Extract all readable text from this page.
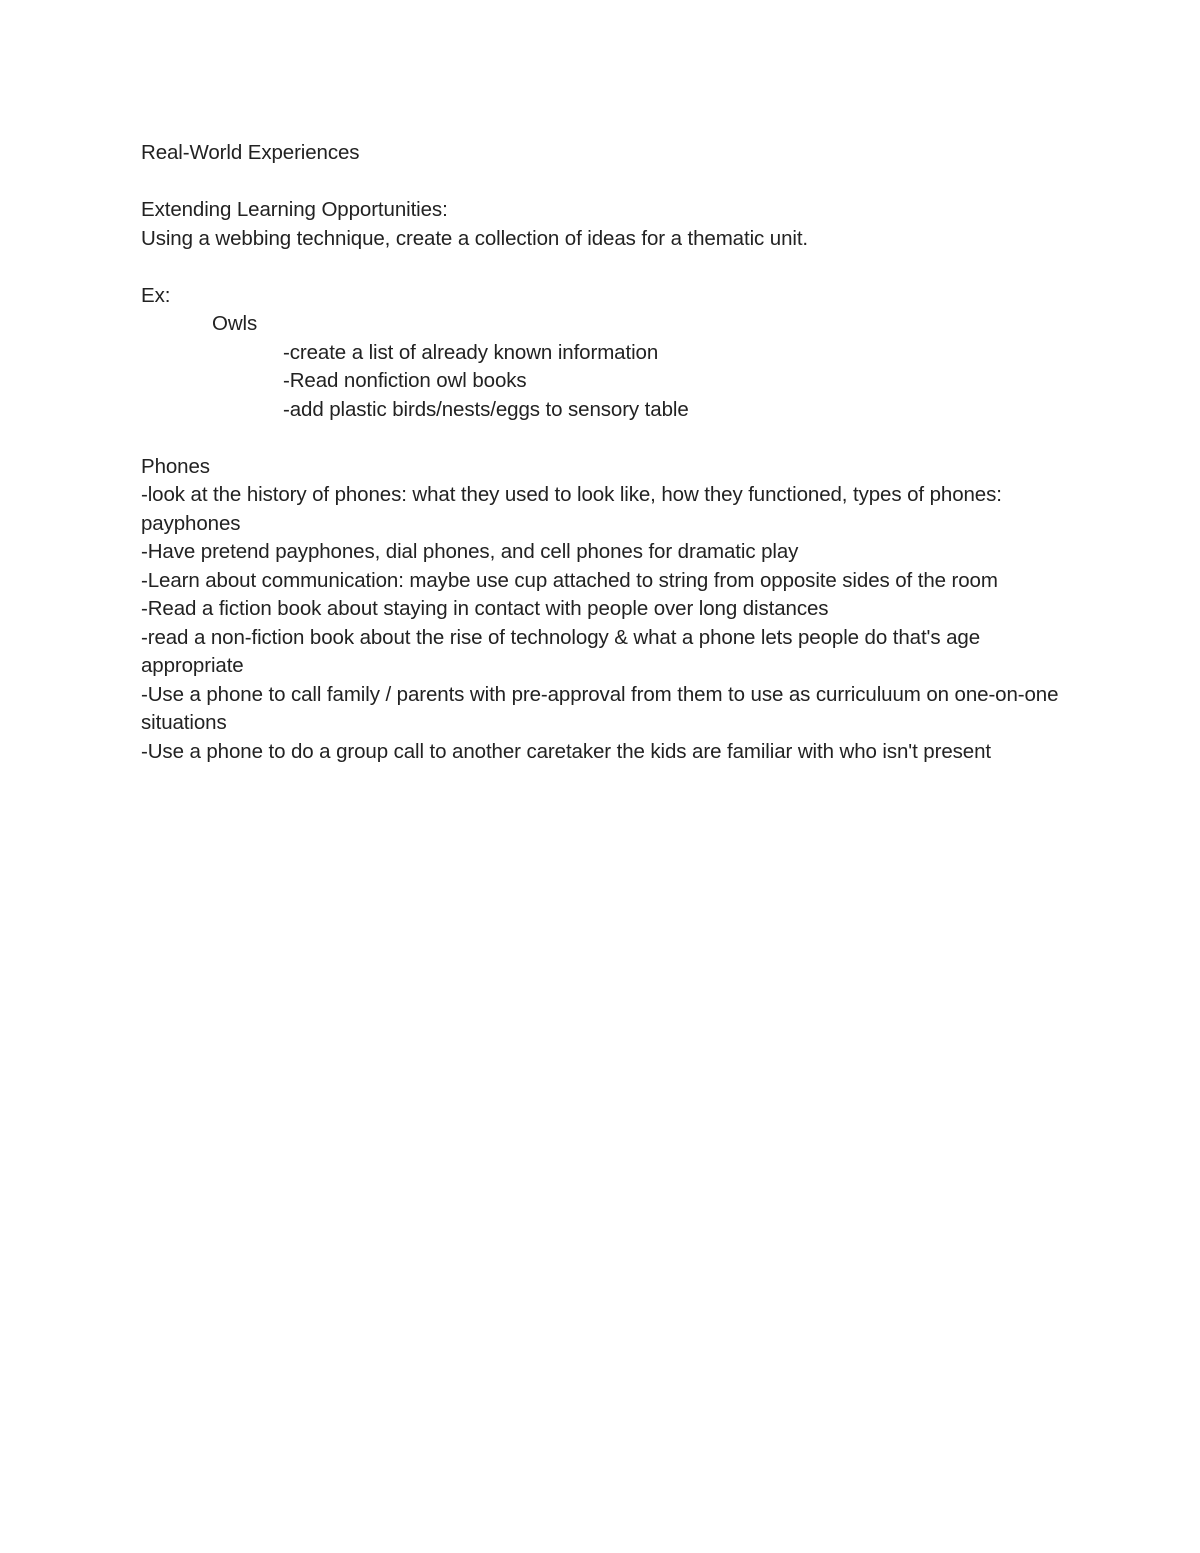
Real-World Experiences
Extending Learning Opportunities:
Using a webbing technique, create a collection of ideas for a thematic unit.
Ex:
Owls
-create a list of already known information
-Read nonfiction owl books
-add plastic birds/nests/eggs to sensory table
Phones
-look at the history of phones: what they used to look like, how they functioned, types of phones: payphones
-Have pretend payphones, dial phones, and cell phones for dramatic play
-Learn about communication: maybe use cup attached to string from opposite sides of the room
-Read a fiction book about staying in contact with people over long distances
-read a non-fiction book about the rise of technology & what a phone lets people do that's age appropriate
-Use a phone to call family / parents with pre-approval from them to use as curriculuum on one-on-one situations
-Use a phone to do a group call to another caretaker the kids are familiar with who isn't present
